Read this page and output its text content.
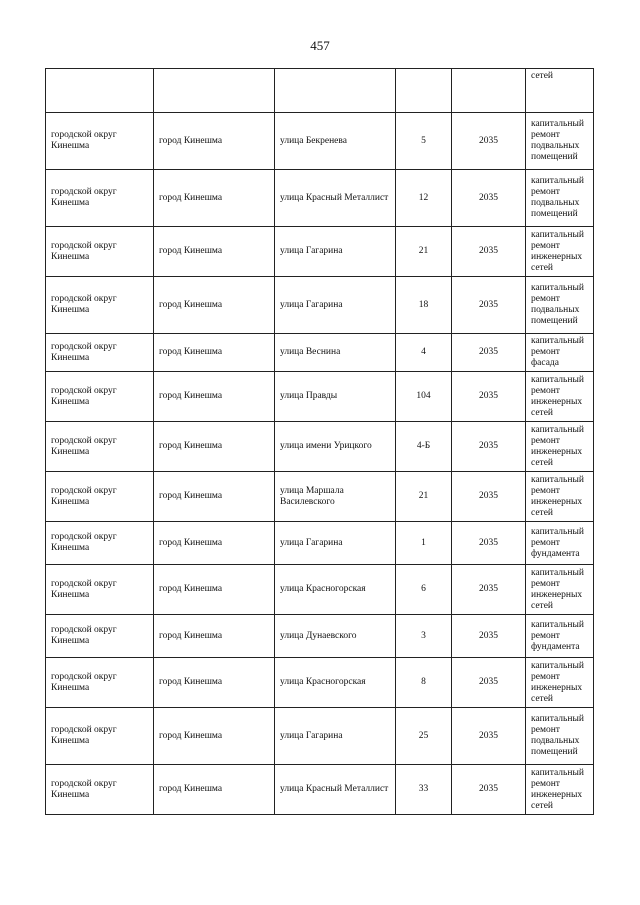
457
					сетей
городской округ Кинешма	город Кинешма	улица Бекренева	5	2035	капитальный ремонт подвальных помещений
городской округ Кинешма	город Кинешма	улица Красный Металлист	12	2035	капитальный ремонт подвальных помещений
городской округ Кинешма	город Кинешма	улица Гагарина	21	2035	капитальный ремонт инженерных сетей
городской округ Кинешма	город Кинешма	улица Гагарина	18	2035	капитальный ремонт подвальных помещений
городской округ Кинешма	город Кинешма	улица Веснина	4	2035	капитальный ремонт фасада
городской округ Кинешма	город Кинешма	улица Правды	104	2035	капитальный ремонт инженерных сетей
городской округ Кинешма	город Кинешма	улица имени Урицкого	4-Б	2035	капитальный ремонт инженерных сетей
городской округ Кинешма	город Кинешма	улица Маршала Василевского	21	2035	капитальный ремонт инженерных сетей
городской округ Кинешма	город Кинешма	улица Гагарина	1	2035	капитальный ремонт фундамента
городской округ Кинешма	город Кинешма	улица Красногорская	6	2035	капитальный ремонт инженерных сетей
городской округ Кинешма	город Кинешма	улица Дунаевского	3	2035	капитальный ремонт фундамента
городской округ Кинешма	город Кинешма	улица Красногорская	8	2035	капитальный ремонт инженерных сетей
городской округ Кинешма	город Кинешма	улица Гагарина	25	2035	капитальный ремонт подвальных помещений
городской округ Кинешма	город Кинешма	улица Красный Металлист	33	2035	капитальный ремонт инженерных сетей
